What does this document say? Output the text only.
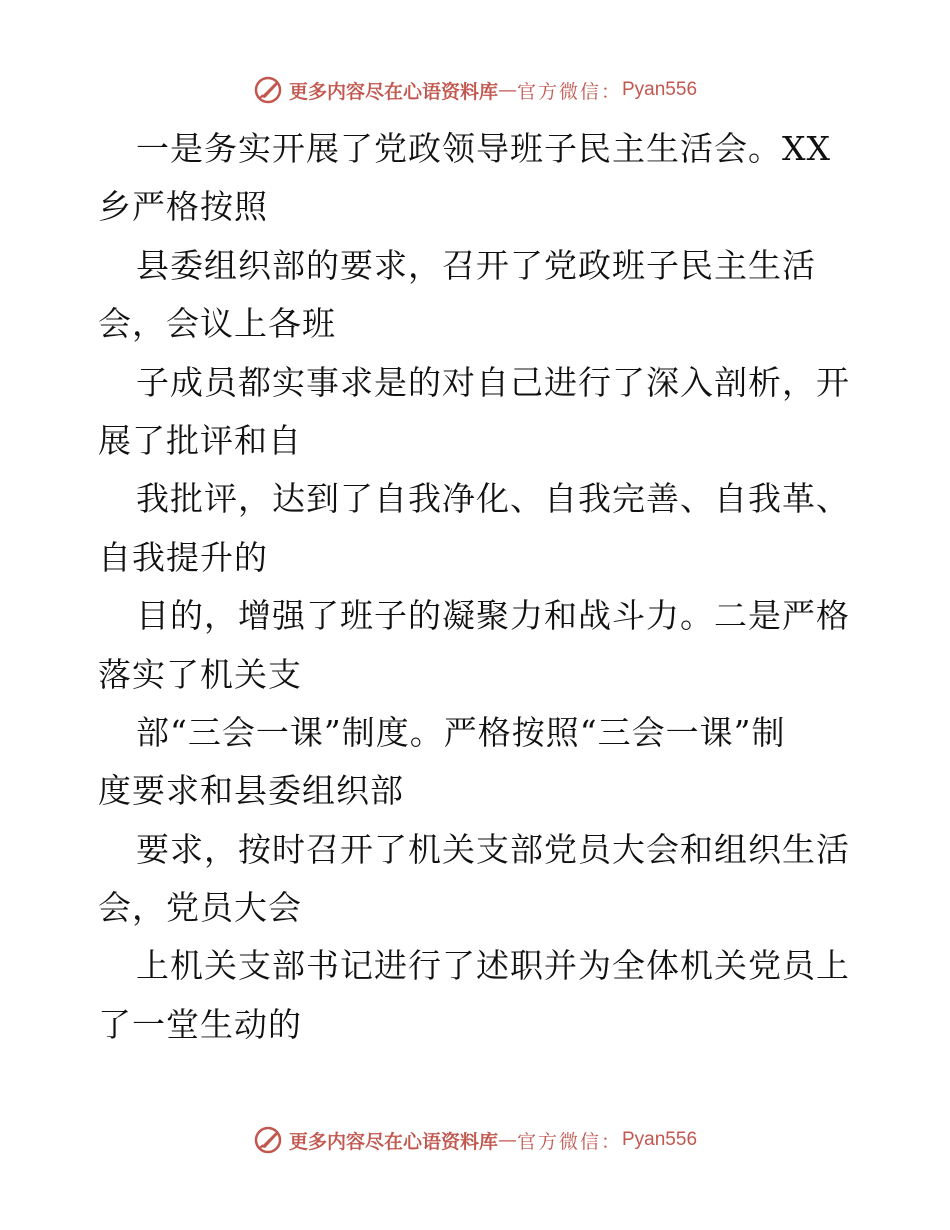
更多内容尽在心语资料库 — 官方微信： Pyan556
一是务实开展了党政领导班子民主生活会。XX
乡严格按照
县委组织部的要求，召开了党政班子民主生活
会，会议上各班
子成员都实事求是的对自己进行了深入剖析，开
展了批评和自
我批评，达到了自我净化、自我完善、自我革、
自我提升的
目的，增强了班子的凝聚力和战斗力。二是严格
落实了机关支
部“三会一课”制度。严格按照“三会一课”制
度要求和县委组织部
要求，按时召开了机关支部党员大会和组织生活
会，党员大会
上机关支部书记进行了述职并为全体机关党员上
了一堂生动的
更多内容尽在心语资料库 — 官方微信： Pyan556
